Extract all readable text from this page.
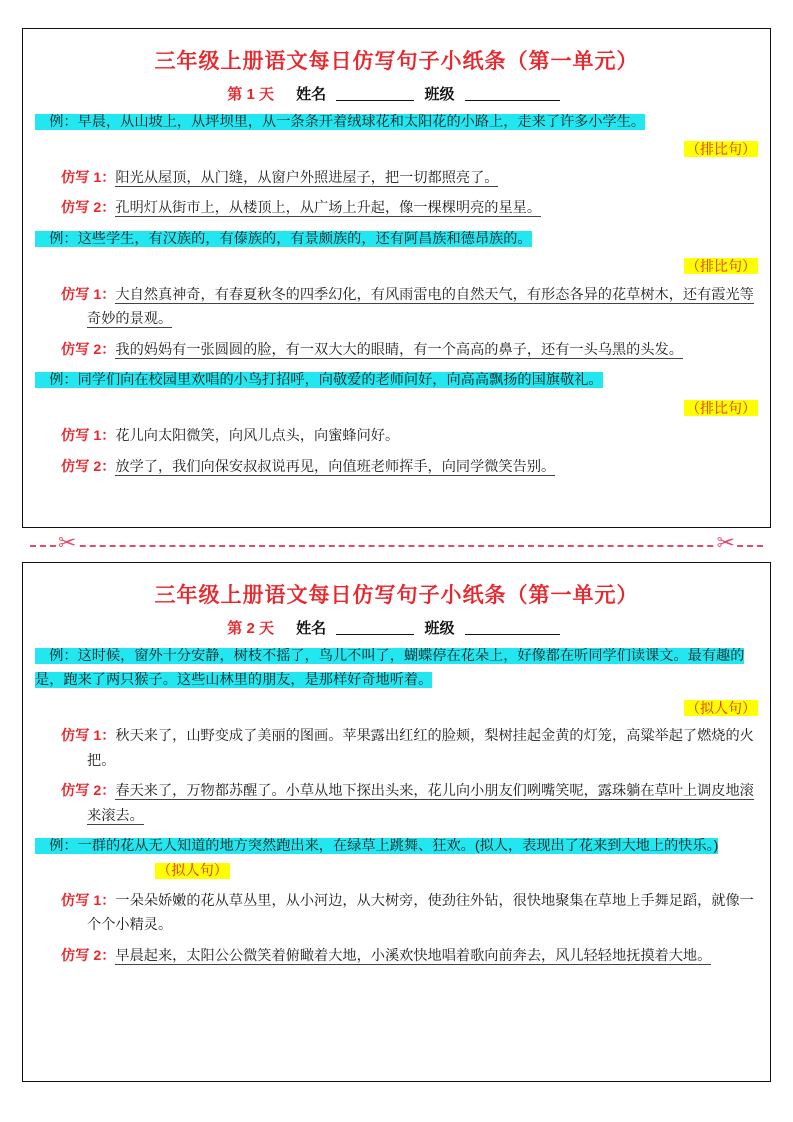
三年级上册语文每日仿写句子小纸条（第一单元）
第 1 天 姓名	班级

　例：早晨，从山坡上，从坪坝里，从一条条开着绒球花和太阳花的小路上，走来了许多小学生。

（排比句）

仿写 1：阳光从屋顶，从门缝，从窗户外照进屋子，把一切都照亮了。

仿写 2：孔明灯从街市上，从楼顶上，从广场上升起，像一棵棵明亮的星星。

　例：这些学生，有汉族的，有傣族的，有景颇族的，还有阿昌族和德昂族的。

（排比句）

仿写 1：大自然真神奇，有春夏秋冬的四季幻化，有风雨雷电的自然天气，有形态各异的花草树木，还有霞光等奇妙的景观。

仿写 2：我的妈妈有一张圆圆的脸，有一双大大的眼睛，有一个高高的鼻子，还有一头乌黑的头发。

　例：同学们向在校园里欢唱的小鸟打招呼，向敬爱的老师问好，向高高飘扬的国旗敬礼。

（排比句）

仿写 1：花儿向太阳微笑，向风儿点头，向蜜蜂问好。

仿写 2：放学了，我们向保安叔叔说再见，向值班老师挥手，向同学微笑告别。

✂	✂
三年级上册语文每日仿写句子小纸条（第一单元）
第 2 天 姓名	班级

　例：这时候，窗外十分安静，树枝不摇了，鸟儿不叫了，蝴蝶停在花朵上，好像都在听同学们读课文。最有趣的是，跑来了两只猴子。这些山林里的朋友，是那样好奇地听着。

（拟人句）

仿写 1：秋天来了，山野变成了美丽的图画。苹果露出红红的脸颊，梨树挂起金黄的灯笼，高粱举起了燃烧的火把。

仿写 2：春天来了，万物都苏醒了。小草从地下探出头来，花儿向小朋友们咧嘴笑呢，露珠躺在草叶上调皮地滚来滚去。

　例：一群的花从无人知道的地方突然跑出来，在绿草上跳舞、狂欢。(拟人，表现出了花来到大地上的快乐。) （拟人句）

仿写 1：一朵朵娇嫩的花从草丛里，从小河边，从大树旁，使劲往外钻，很快地聚集在草地上手舞足蹈，就像一个个小精灵。

仿写 2：早晨起来，太阳公公微笑着俯瞰着大地，小溪欢快地唱着歌向前奔去，风儿轻轻地抚摸着大地。
